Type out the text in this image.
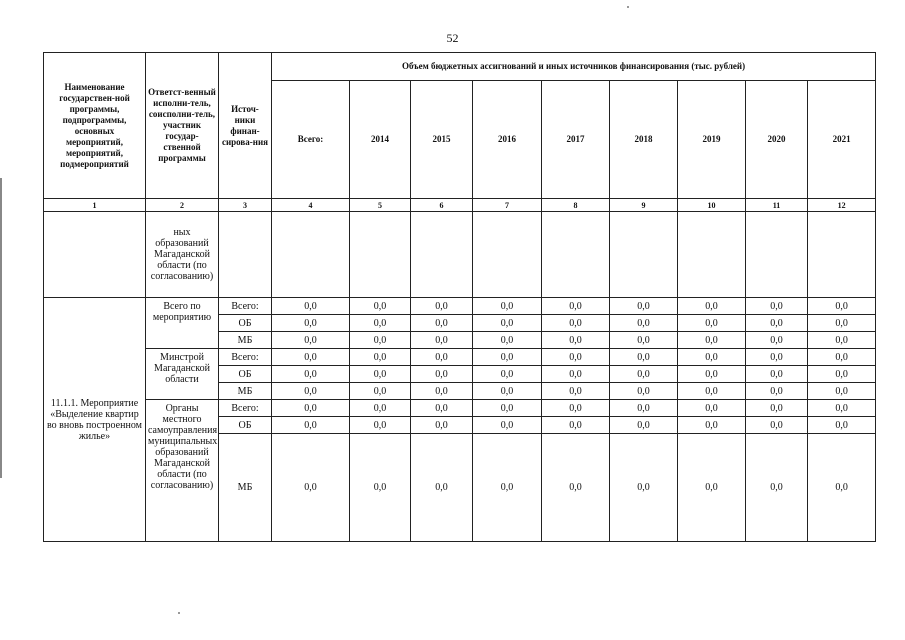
52
Наименование государствен-ной программы, подпрограммы, основных мероприятий, мероприятий, подмероприятий	Ответст-венный исполни-тель, соисполни-тель, участник государ-ственной программы	Источ-ники финан-сирова-ния	Объем бюджетных ассигнований и иных источников финансирования (тыс. рублей)								
			Всего:	2014	2015	2016	2017	2018	2019	2020	2021
1	2	3	4	5	6	7	8	9	10	11	12
	ных образований Магаданской области (по согласованию)										
11.1.1. Мероприятие «Выделение квартир во вновь построенном жилье»	Всего по мероприятию	Всего:	0,0	0,0	0,0	0,0	0,0	0,0	0,0	0,0	0,0
		ОБ	0,0	0,0	0,0	0,0	0,0	0,0	0,0	0,0	0,0
		МБ	0,0	0,0	0,0	0,0	0,0	0,0	0,0	0,0	0,0
	Минстрой Магаданской области	Всего:	0,0	0,0	0,0	0,0	0,0	0,0	0,0	0,0	0,0
		ОБ	0,0	0,0	0,0	0,0	0,0	0,0	0,0	0,0	0,0
		МБ	0,0	0,0	0,0	0,0	0,0	0,0	0,0	0,0	0,0
	Органы местного самоуправления муниципальных образований Магаданской области (по согласованию)	Всего:	0,0	0,0	0,0	0,0	0,0	0,0	0,0	0,0	0,0
		ОБ	0,0	0,0	0,0	0,0	0,0	0,0	0,0	0,0	0,0
		МБ	0,0	0,0	0,0	0,0	0,0	0,0	0,0	0,0	0,0
